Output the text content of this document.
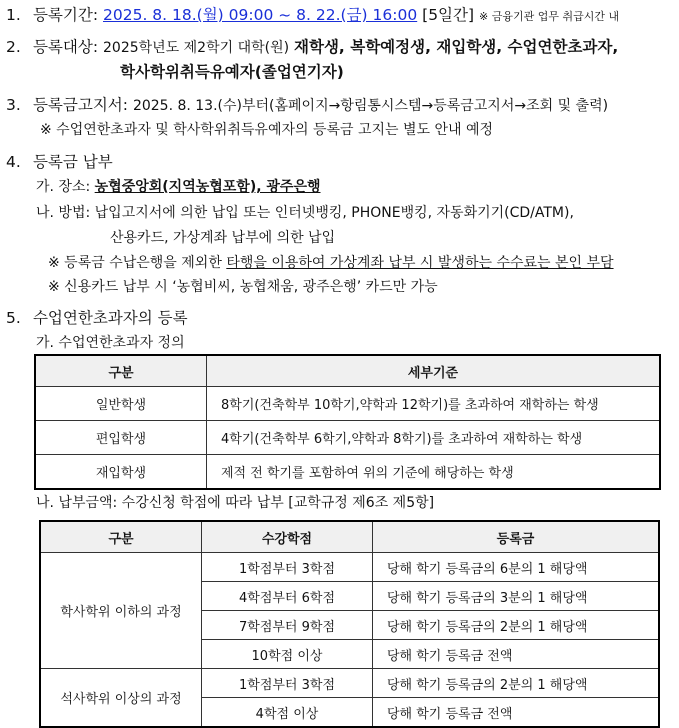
1. 등록기간: 2025. 8. 18.(월) 09:00 ~ 8. 22.(금) 16:00 [5일간] ※ 금융기관 업무 취급시간 내
2. 등록대상: 2025학년도 제2학기 대학(원) 재학생, 복학예정생, 재입학생, 수업연한초과자,
학사학위취득유예자(졸업연기자)
3. 등록금고지서: 2025. 8. 13.(수)부터(홈페이지→항림통시스템→등록금고지서→조회 및 출력)
※ 수업연한초과자 및 학사학위취득유예자의 등록금 고지는 별도 안내 예정
4. 등록금 납부
가. 장소: 농협중앙회(지역농협포함), 광주은행
나. 방법: 납입고지서에 의한 납입 또는 인터넷뱅킹, PHONE뱅킹, 자동화기기(CD/ATM),
산용카드, 가상계좌 납부에 의한 납입
※ 등록금 수납은행을 제외한 타행을 이용하여 가상계좌 납부 시 발생하는 수수료는 본인 부담
※ 신용카드 납부 시 ‘농협비씨, 농협채움, 광주은행’ 카드만 가능
5. 수업연한초과자의 등록
가. 수업연한초과자 정의
구분	세부기준
일반학생	8학기(건축학부 10학기,약학과 12학기)를 초과하여 재학하는 학생
편입학생	4학기(건축학부 6학기,약학과 8학기)를 초과하여 재학하는 학생
재입학생	제적 전 학기를 포함하여 위의 기준에 해당하는 학생
나. 납부금액: 수강신청 학점에 따라 납부 [교학규정 제6조 제5항]
구분	수강학점	등록금
학사학위 이하의 과정	1학점부터 3학점	당해 학기 등록금의 6분의 1 해당액
	4학점부터 6학점	당해 학기 등록금의 3분의 1 해당액
	7학점부터 9학점	당해 학기 등록금의 2분의 1 해당액
	10학점 이상	당해 학기 등록금 전액
석사학위 이상의 과정	1학점부터 3학점	당해 학기 등록금의 2분의 1 해당액
	4학점 이상	당해 학기 등록금 전액
